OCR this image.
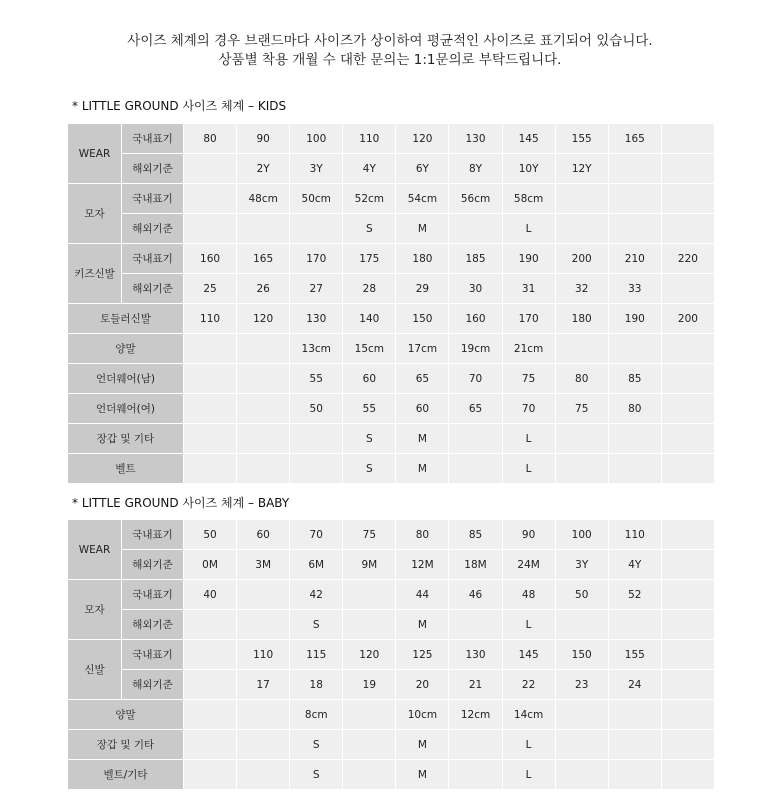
사이즈 체계의 경우 브랜드마다 사이즈가 상이하여 평균적인 사이즈로 표기되어 있습니다.
상품별 착용 개월 수 대한 문의는 1:1문의로 부탁드립니다.
* LITTLE GROUND 사이즈 체계 – KIDS
WEAR	국내표기	80	90	100	110	120	130	145	155	165	
	해외기준		2Y	3Y	4Y	6Y	8Y	10Y	12Y		
모자	국내표기		48cm	50cm	52cm	54cm	56cm	58cm			
	해외기준				S	M		L			
키즈신발	국내표기	160	165	170	175	180	185	190	200	210	220
	해외기준	25	26	27	28	29	30	31	32	33	
토들러신발		110	120	130	140	150	160	170	180	190	200
양말				13cm	15cm	17cm	19cm	21cm			
언더웨어(남)				55	60	65	70	75	80	85	
언더웨어(여)				50	55	60	65	70	75	80	
장갑 및 기타					S	M		L			
벨트					S	M		L			
* LITTLE GROUND 사이즈 체계 – BABY
WEAR	국내표기	50	60	70	75	80	85	90	100	110	
	해외기준	0M	3M	6M	9M	12M	18M	24M	3Y	4Y	
모자	국내표기	40		42		44	46	48	50	52	
	해외기준			S		M		L			
신발	국내표기		110	115	120	125	130	145	150	155	
	해외기준		17	18	19	20	21	22	23	24	
양말				8cm		10cm	12cm	14cm			
장갑 및 기타				S		M		L			
벨트/기타				S		M		L			
